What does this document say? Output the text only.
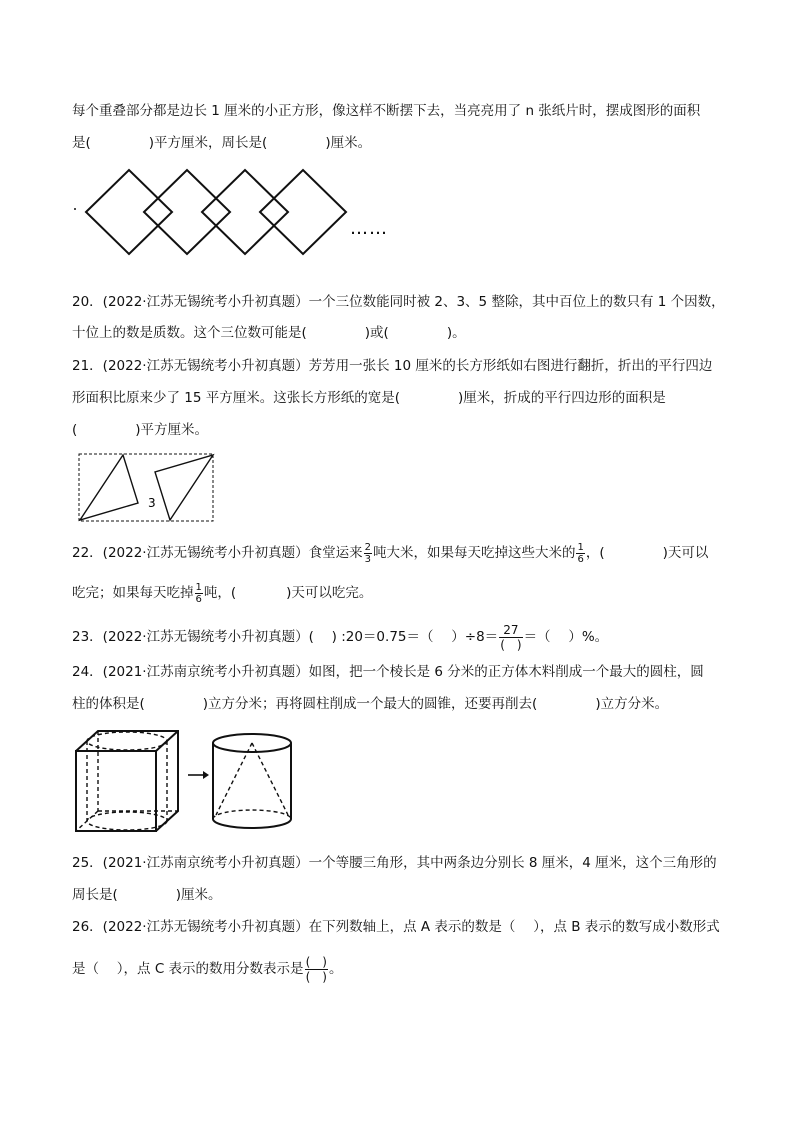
每个重叠部分都是边长 1 厘米的小正方形，像这样不断摆下去，当亮亮用了 n 张纸片时，摆成图形的面积
是(	)平方厘米，周长是(	)厘米。
……
20．(2022·江苏无锡统考小升初真题）一个三位数能同时被 2、3、5 整除，其中百位上的数只有 1 个因数，
十位上的数是质数。这个三位数可能是(	)或(	)。
21．(2022·江苏无锡统考小升初真题）芳芳用一张长 10 厘米的长方形纸如右图进行翻折，折出的平行四边
形面积比原来少了 15 平方厘米。这张长方形纸的宽是(	)厘米，折成的平行四边形的面积是
(	)平方厘米。
3
22．(2022·江苏无锡统考小升初真题）食堂运来 $\frac{2}{3}$ 吨大米，如果每天吃掉这些大米的 $\frac{1}{6}$ ，(	)天可以
吃完；如果每天吃掉 $\frac{1}{6}$ 吨，(	)天可以吃完。
23．(2022·江苏无锡统考小升初真题）(　 ) :20＝0.75＝（　 ）$\div 8= \frac{27}{( )}$ ＝（　 ）%。
24．(2021·江苏南京统考小升初真题）如图，把一个棱长是 6 分米的正方体木料削成一个最大的圆柱，圆
柱的体积是(	)立方分米；再将圆柱削成一个最大的圆锥，还要再削去(	)立方分米。
25．(2021·江苏南京统考小升初真题）一个等腰三角形，其中两条边分别长 8 厘米，4 厘米，这个三角形的
周长是(	)厘米。
26．(2022·江苏无锡统考小升初真题）在下列数轴上，点 A 表示的数是（　 ），点 B 表示的数写成小数形式
是（　 ），点 C 表示的数用分数表示是 $\frac{( )}{( )}$ 。
